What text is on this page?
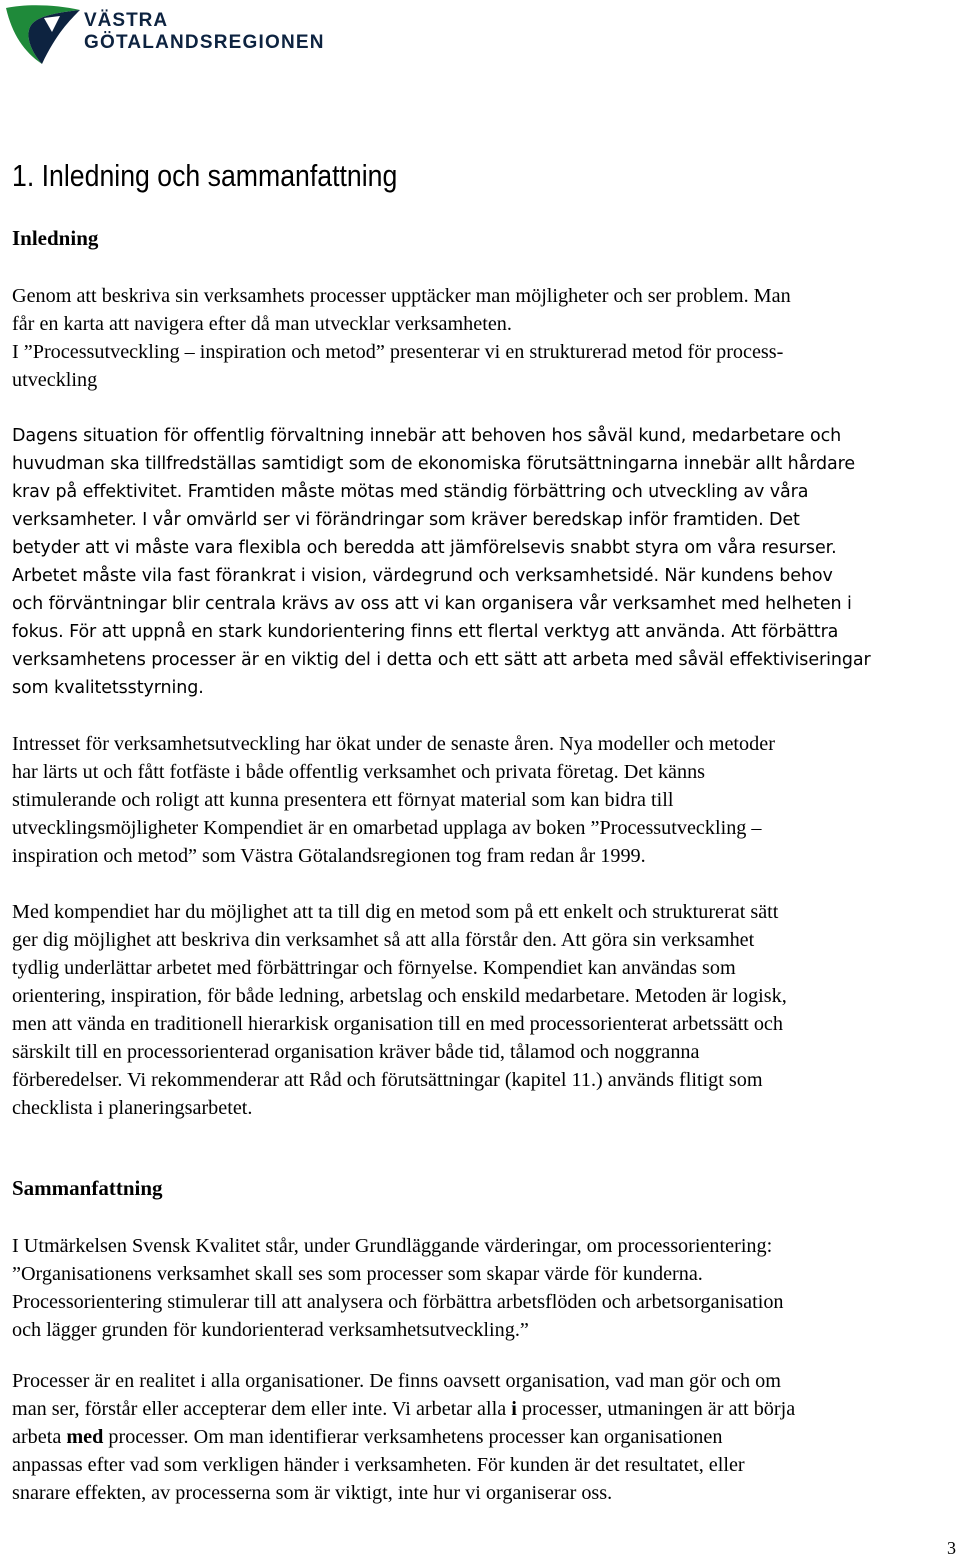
VÄSTRA
GÖTALANDSREGIONEN
1. Inledning och sammanfattning
Inledning

Genom att beskriva sin verksamhets processer upptäcker man möjligheter och ser problem. Man
får en karta att navigera efter då man utvecklar verksamheten.
I ”Processutveckling – inspiration och metod” presenterar vi en strukturerad metod för process-
utveckling

Dagens situation för offentlig förvaltning innebär att behoven hos såväl kund, medarbetare och
huvudman ska tillfredställas samtidigt som de ekonomiska förutsättningarna innebär allt hårdare
krav på effektivitet. Framtiden måste mötas med ständig förbättring och utveckling av våra
verksamheter. I vår omvärld ser vi förändringar som kräver beredskap inför framtiden. Det
betyder att vi måste vara flexibla och beredda att jämförelsevis snabbt styra om våra resurser.
Arbetet måste vila fast förankrat i vision, värdegrund och verksamhetsidé. När kundens behov
och förväntningar blir centrala krävs av oss att vi kan organisera vår verksamhet med helheten i
fokus. För att uppnå en stark kundorientering finns ett flertal verktyg att använda. Att förbättra
verksamhetens processer är en viktig del i detta och ett sätt att arbeta med såväl effektiviseringar
som kvalitetsstyrning.

Intresset för verksamhetsutveckling har ökat under de senaste åren. Nya modeller och metoder
har lärts ut och fått fotfäste i både offentlig verksamhet och privata företag. Det känns
stimulerande och roligt att kunna presentera ett förnyat material som kan bidra till
utvecklingsmöjligheter Kompendiet är en omarbetad upplaga av boken ”Processutveckling –
inspiration och metod” som Västra Götalandsregionen tog fram redan år 1999.

Med kompendiet har du möjlighet att ta till dig en metod som på ett enkelt och strukturerat sätt
ger dig möjlighet att beskriva din verksamhet så att alla förstår den. Att göra sin verksamhet
tydlig underlättar arbetet med förbättringar och förnyelse. Kompendiet kan användas som
orientering, inspiration, för både ledning, arbetslag och enskild medarbetare. Metoden är logisk,
men att vända en traditionell hierarkisk organisation till en med processorienterat arbetssätt och
särskilt till en processorienterad organisation kräver både tid, tålamod och noggranna
förberedelser. Vi rekommenderar att Råd och förutsättningar (kapitel 11.) används flitigt som
checklista i planeringsarbetet.

Sammanfattning

I Utmärkelsen Svensk Kvalitet står, under Grundläggande värderingar, om processorientering:
”Organisationens verksamhet skall ses som processer som skapar värde för kunderna.
Processorientering stimulerar till att analysera och förbättra arbetsflöden och arbetsorganisation
och lägger grunden för kundorienterad verksamhetsutveckling.”

Processer är en realitet i alla organisationer. De finns oavsett organisation, vad man gör och om
man ser, förstår eller accepterar dem eller inte. Vi arbetar alla i processer, utmaningen är att börja
arbeta med processer. Om man identifierar verksamhetens processer kan organisationen
anpassas efter vad som verkligen händer i verksamheten. För kunden är det resultatet, eller
snarare effekten, av processerna som är viktigt, inte hur vi organiserar oss.

3
